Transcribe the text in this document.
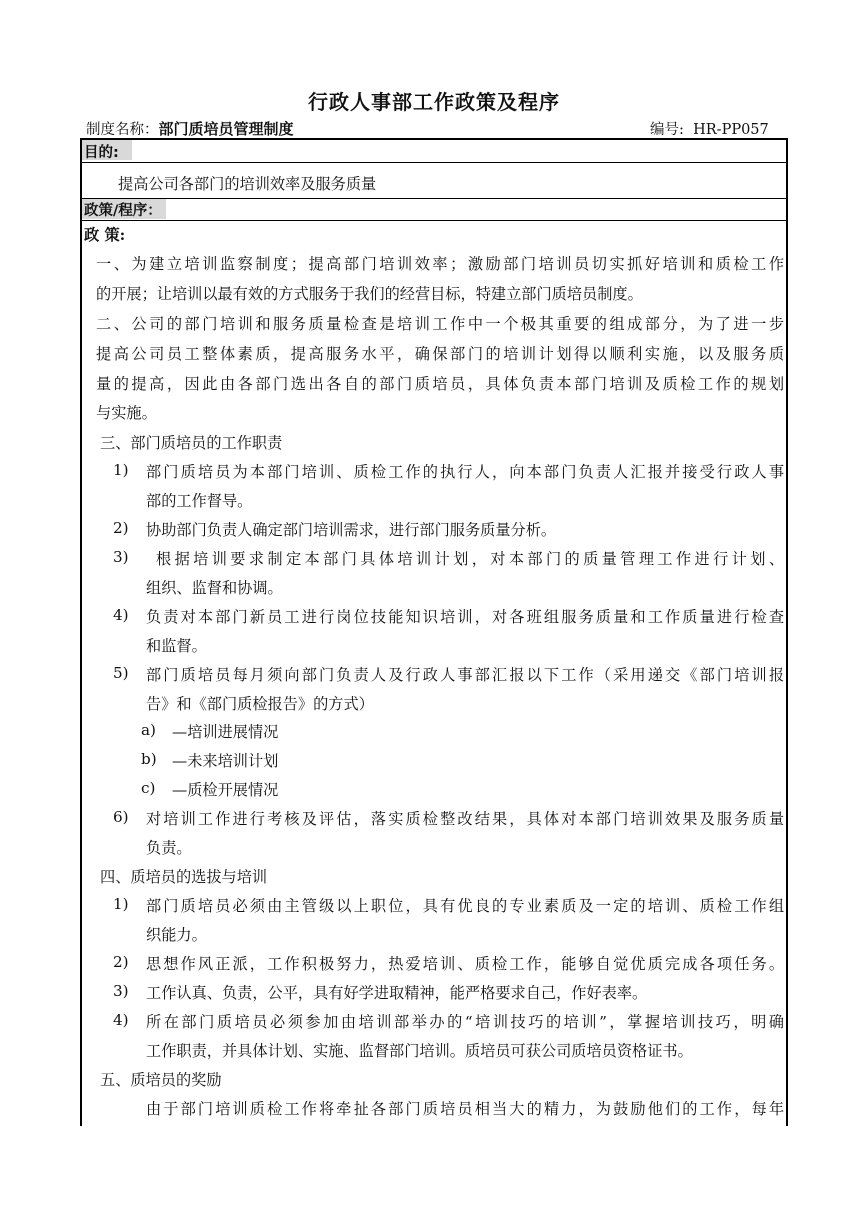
行政人事部工作政策及程序
制度名称：部门质培员管理制度	编号: HR-PP057
目的:
提高公司各部门的培训效率及服务质量
政策/程序：
政 策:
一、为建立培训监察制度；提高部门培训效率；激励部门培训员切实抓好培训和质检工作
的开展；让培训以最有效的方式服务于我们的经营目标，特建立部门质培员制度。
二、公司的部门培训和服务质量检查是培训工作中一个极其重要的组成部分，为了进一步
提高公司员工整体素质，提高服务水平，确保部门的培训计划得以顺利实施，以及服务质
量的提高，因此由各部门选出各自的部门质培员，具体负责本部门培训及质检工作的规划
与实施。
三、部门质培员的工作职责
1) 部门质培员为本部门培训、质检工作的执行人，向本部门负责人汇报并接受行政人事
部的工作督导。
2) 协助部门负责人确定部门培训需求，进行部门服务质量分析。
3) 根据培训要求制定本部门具体培训计划，对本部门的质量管理工作进行计划、
组织、监督和协调。
4) 负责对本部门新员工进行岗位技能知识培训，对各班组服务质量和工作质量进行检查
和监督。
5) 部门质培员每月须向部门负责人及行政人事部汇报以下工作（采用递交《部门培训报
告》和《部门质检报告》的方式）
a) —培训进展情况
b) —未来培训计划
c) —质检开展情况
6) 对培训工作进行考核及评估，落实质检整改结果，具体对本部门培训效果及服务质量
负责。
四、质培员的选拔与培训
1) 部门质培员必须由主管级以上职位，具有优良的专业素质及一定的培训、质检工作组
织能力。
2) 思想作风正派，工作积极努力，热爱培训、质检工作，能够自觉优质完成各项任务。
3) 工作认真、负责，公平，具有好学进取精神，能严格要求自己，作好表率。
4) 所在部门质培员必须参加由培训部举办的“培训技巧的培训”，掌握培训技巧，明确
工作职责，并具体计划、实施、监督部门培训。质培员可获公司质培员资格证书。
五、质培员的奖励
由于部门培训质检工作将牵扯各部门质培员相当大的精力，为鼓励他们的工作，每年
